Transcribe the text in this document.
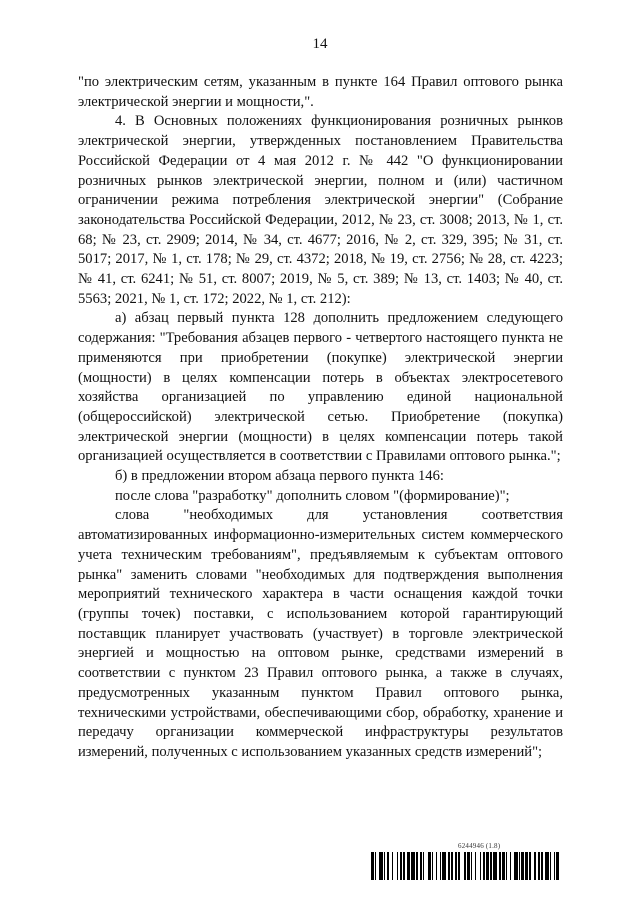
14

"по электрическим сетям, указанным в пункте 164 Правил оптового рынка электрической энергии и мощности,".

4. В Основных положениях функционирования розничных рынков электрической энергии, утвержденных постановлением Правительства Российской Федерации от 4 мая 2012 г. № 442 "О функционировании розничных рынков электрической энергии, полном и (или) частичном ограничении режима потребления электрической энергии" (Собрание законодательства Российской Федерации, 2012, № 23, ст. 3008; 2013, № 1, ст. 68; № 23, ст. 2909; 2014, № 34, ст. 4677; 2016, № 2, ст. 329, 395; № 31, ст. 5017; 2017, № 1, ст. 178; № 29, ст. 4372; 2018, № 19, ст. 2756; № 28, ст. 4223; № 41, ст. 6241; № 51, ст. 8007; 2019, № 5, ст. 389; № 13, ст. 1403; № 40, ст. 5563; 2021, № 1, ст. 172; 2022, № 1, ст. 212):

а) абзац первый пункта 128 дополнить предложением следующего содержания: "Требования абзацев первого - четвертого настоящего пункта не применяются при приобретении (покупке) электрической энергии (мощности) в целях компенсации потерь в объектах электросетевого хозяйства организацией по управлению единой национальной (общероссийской) электрической сетью. Приобретение (покупка) электрической энергии (мощности) в целях компенсации потерь такой организацией осуществляется в соответствии с Правилами оптового рынка.";

б) в предложении втором абзаца первого пункта 146:

после слова "разработку" дополнить словом "(формирование)";

слова "необходимых для установления соответствия автоматизированных информационно-измерительных систем коммерческого учета техническим требованиям", предъявляемым к субъектам оптового рынка" заменить словами "необходимых для подтверждения выполнения мероприятий технического характера в части оснащения каждой точки (группы точек) поставки, с использованием которой гарантирующий поставщик планирует участвовать (участвует) в торговле электрической энергией и мощностью на оптовом рынке, средствами измерений в соответствии с пунктом 23 Правил оптового рынка, а также в случаях, предусмотренных указанным пунктом Правил оптового рынка, техническими устройствами, обеспечивающими сбор, обработку, хранение и передачу организации коммерческой инфраструктуры результатов измерений, полученных с использованием указанных средств измерений";

6244946 (1.8)
